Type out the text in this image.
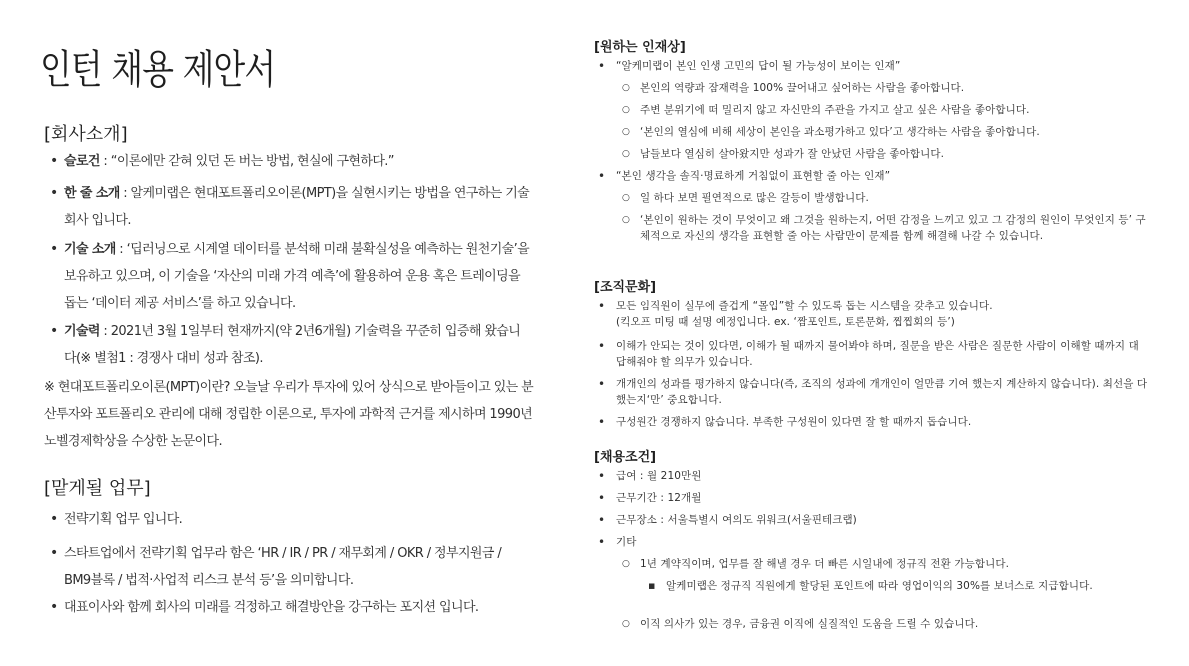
인턴 채용 제안서
[회사소개]
• 슬로건 : “이론에만 갇혀 있던 돈 버는 방법, 현실에 구현하다.”
• 한 줄 소개 : 알케미랩은 현대포트폴리오이론(MPT)을 실현시키는 방법을 연구하는 기술회사 입니다.
• 기술 소개 : ‘딥러닝으로 시계열 데이터를 분석해 미래 불확실성을 예측하는 원천기술’을 보유하고 있으며, 이 기술을 ‘자산의 미래 가격 예측’에 활용하여 운용 혹은 트레이딩을 돕는 ‘데이터 제공 서비스’를 하고 있습니다.
• 기술력 : 2021년 3월 1일부터 현재까지(약 2년6개월) 기술력을 꾸준히 입증해 왔습니다(※ 별첨1 : 경쟁사 대비 성과 참조).
※ 현대포트폴리오이론(MPT)이란? 오늘날 우리가 투자에 있어 상식으로 받아들이고 있는 분산투자와 포트폴리오 관리에 대해 정립한 이론으로, 투자에 과학적 근거를 제시하며 1990년 노벨경제학상을 수상한 논문이다.
[맡게될 업무]
• 전략기획 업무 입니다.
• 스타트업에서 전략기획 업무라 함은 ‘HR / IR / PR / 재무회계 / OKR / 정부지원금 / BM9블록 / 법적·사업적 리스크 분석 등’을 의미합니다.
• 대표이사와 함께 회사의 미래를 걱정하고 해결방안을 강구하는 포지션 입니다.
[원하는 인재상]
• “알케미랩이 본인 인생 고민의 답이 될 가능성이 보이는 인재”
○ 본인의 역량과 잠재력을 100% 끌어내고 싶어하는 사람을 좋아합니다.
○ 주변 분위기에 떠 밀리지 않고 자신만의 주관을 가지고 살고 싶은 사람을 좋아합니다.
○ ‘본인의 열심에 비해 세상이 본인을 과소평가하고 있다’고 생각하는 사람을 좋아합니다.
○ 남들보다 열심히 살아왔지만 성과가 잘 안났던 사람을 좋아합니다.
• “본인 생각을 솔직·명료하게 거침없이 표현할 줄 아는 인재”
○ 일 하다 보면 필연적으로 많은 갈등이 발생합니다.
○ ‘본인이 원하는 것이 무엇이고 왜 그것을 원하는지, 어떤 감정을 느끼고 있고 그 감정의 원인이 무엇인지 등’ 구체적으로 자신의 생각을 표현할 줄 아는 사람만이 문제를 함께 해결해 나갈 수 있습니다.
[조직문화]
• 모든 임직원이 실무에 즐겁게 “몰입”할 수 있도록 돕는 시스템을 갖추고 있습니다.
(킥오프 미팅 때 설명 예정입니다. ex. ‘짬포인트, 토론문화, 찝찝회의 등’)
• 이해가 안되는 것이 있다면, 이해가 될 때까지 물어봐야 하며, 질문을 받은 사람은 질문한 사람이 이해할 때까지 대답해줘야 할 의무가 있습니다.
• 개개인의 성과를 평가하지 않습니다(즉, 조직의 성과에 개개인이 얼만큼 기여 했는지 계산하지 않습니다). 최선을 다했는지‘만’ 중요합니다.
• 구성원간 경쟁하지 않습니다. 부족한 구성원이 있다면 잘 할 때까지 돕습니다.
[채용조건]
• 급여 : 월 210만원
• 근무기간 : 12개월
• 근무장소 : 서울특별시 여의도 위워크(서울핀테크랩)
• 기타
○ 1년 계약직이며, 업무를 잘 해낼 경우 더 빠른 시일내에 정규직 전환 가능합니다.
▪ 알케미랩은 정규직 직원에게 할당된 포인트에 따라 영업이익의 30%를 보너스로 지급합니다.
○ 이직 의사가 있는 경우, 금융권 이직에 실질적인 도움을 드릴 수 있습니다.
